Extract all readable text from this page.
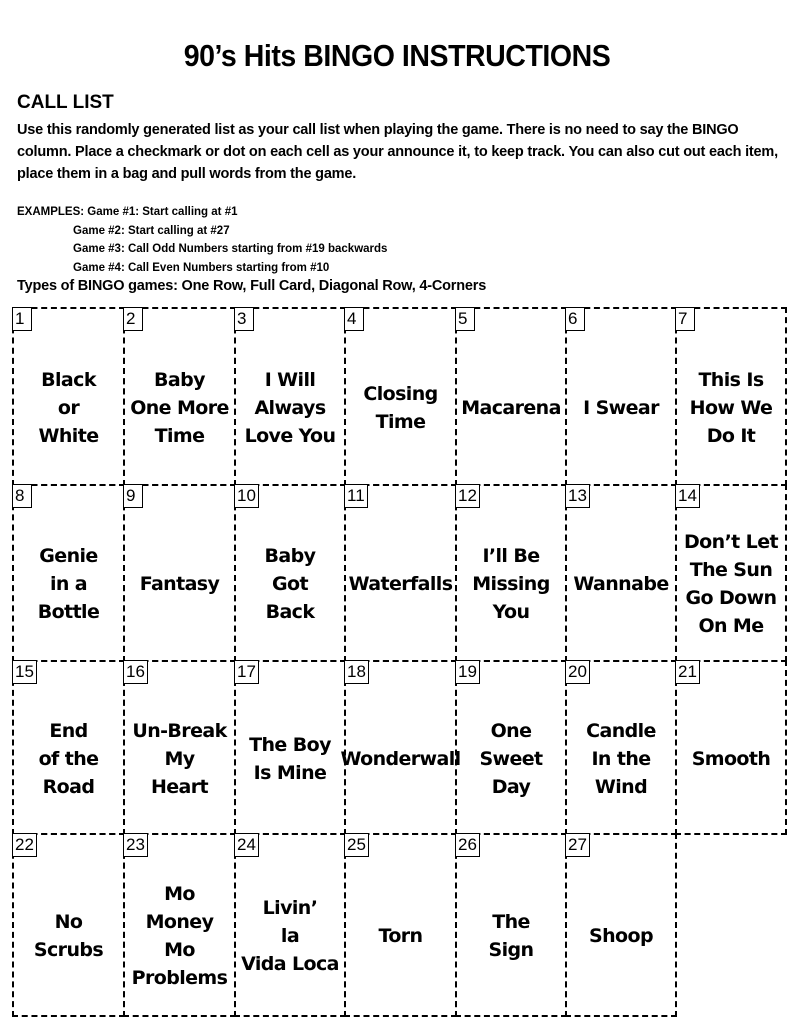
90’s Hits BINGO INSTRUCTIONS
CALL LIST
Use this randomly generated list as your call list when playing the game. There is no need to say the BINGO column. Place a checkmark or dot on each cell as your announce it, to keep track. You can also cut out each item, place them in a bag and pull words from the game.
EXAMPLES: Game #1: Start calling at #1
Game #2: Start calling at #27
Game #3: Call Odd Numbers starting from #19 backwards
Game #4: Call Even Numbers starting from #10
Types of BINGO games: One Row, Full Card, Diagonal Row, 4-Corners
1
Black
or
White
2
Baby
One More
Time
3
I Will
Always
Love You
4
Closing
Time
5
Macarena
6
I Swear
7
This Is
How We
Do It
8
Genie
in a
Bottle
9
Fantasy
10
Baby
Got
Back
11
Waterfalls
12
I’ll Be
Missing
You
13
Wannabe
14
Don’t Let
The Sun
Go Down
On Me
15
End
of the
Road
16
Un-Break
My
Heart
17
The Boy
Is Mine
18
Wonderwall
19
One
Sweet
Day
20
Candle
In the
Wind
21
Smooth
22
No
Scrubs
23
Mo
Money
Mo
Problems
24
Livin’
la
Vida Loca
25
Torn
26
The
Sign
27
Shoop
